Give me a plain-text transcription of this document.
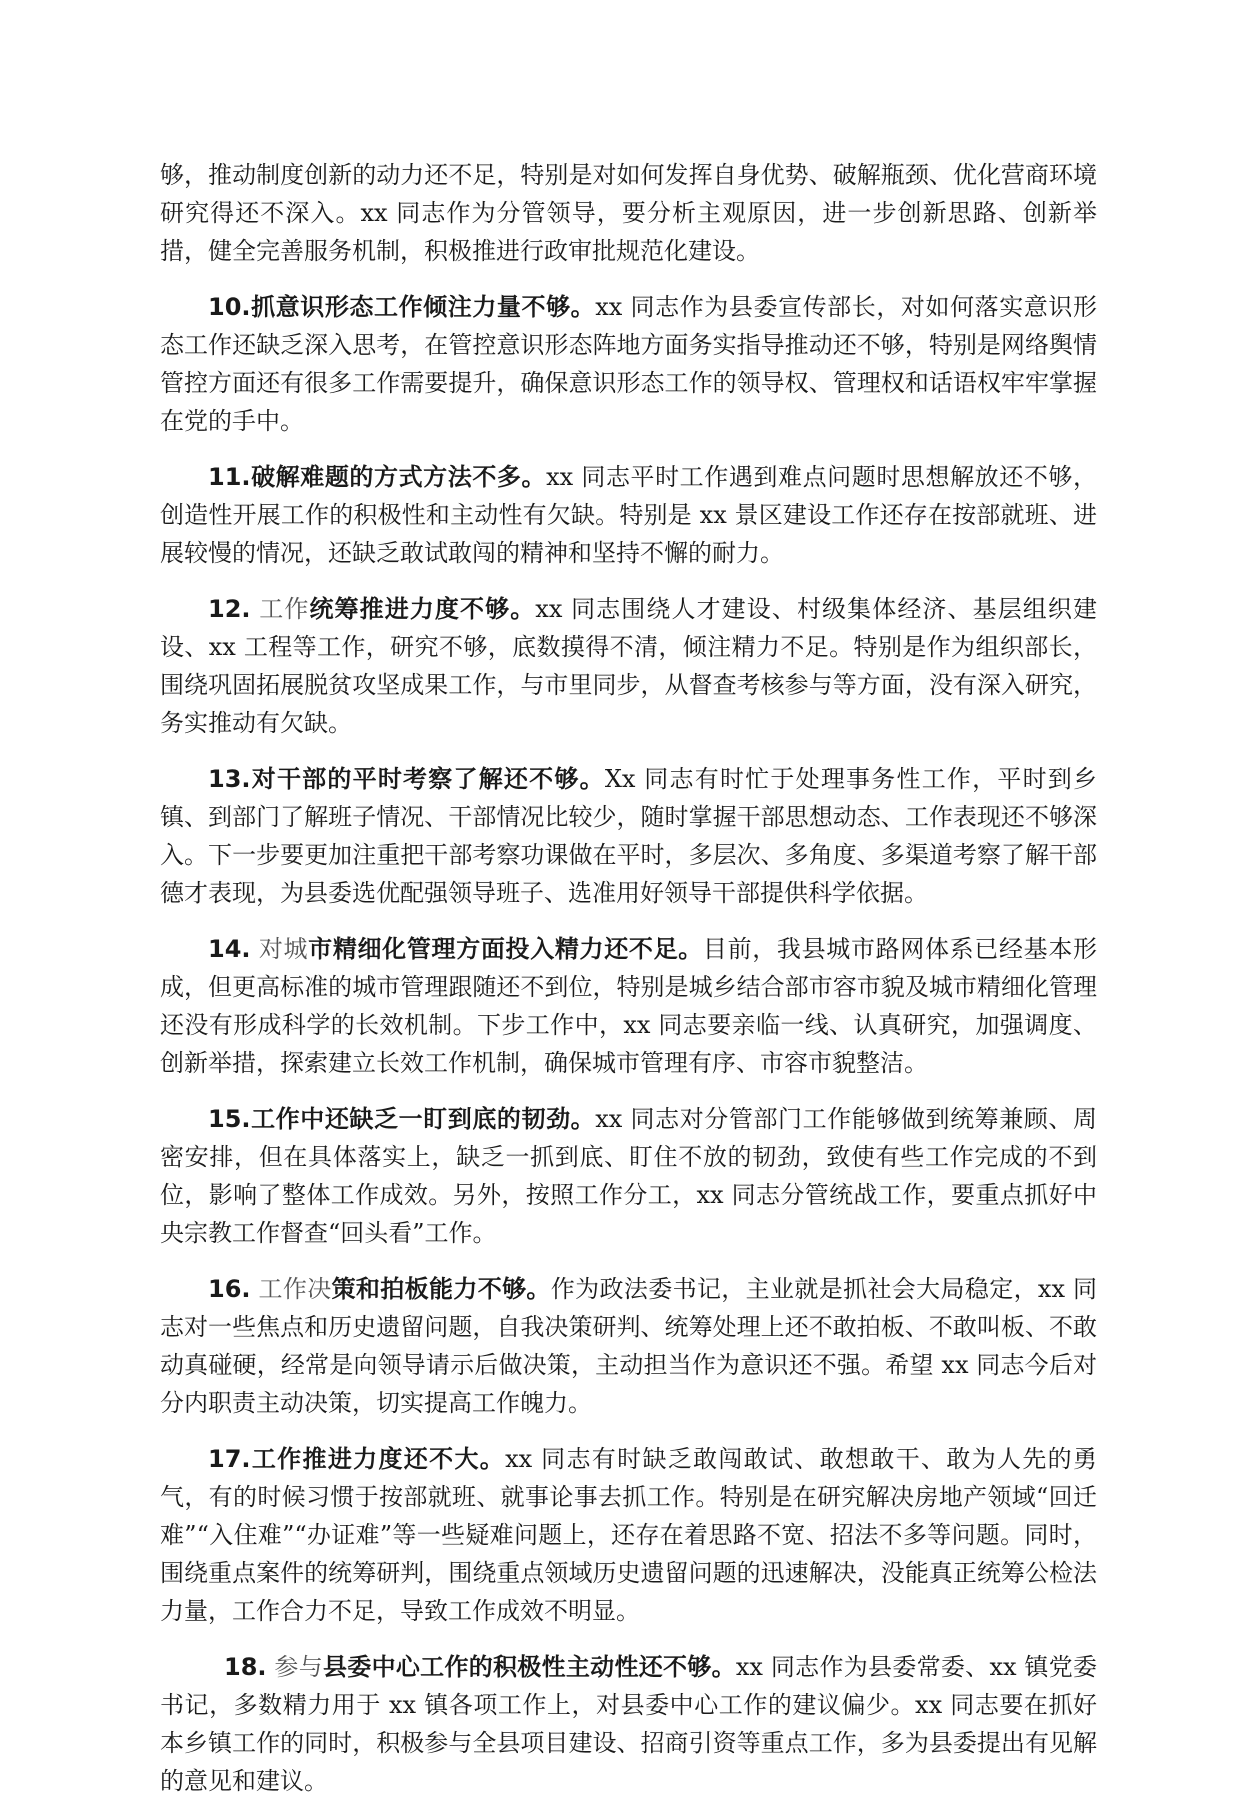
够，推动制度创新的动力还不足，特别是对如何发挥自身优势、破解瓶颈、优化营商环境研究得还不深入。xx 同志作为分管领导，要分析主观原因，进一步创新思路、创新举措，健全完善服务机制，积极推进行政审批规范化建设。

10.抓意识形态工作倾注力量不够。xx 同志作为县委宣传部长，对如何落实意识形态工作还缺乏深入思考，在管控意识形态阵地方面务实指导推动还不够，特别是网络舆情管控方面还有很多工作需要提升，确保意识形态工作的领导权、管理权和话语权牢牢掌握在党的手中。

11.破解难题的方式方法不多。xx 同志平时工作遇到难点问题时思想解放还不够，创造性开展工作的积极性和主动性有欠缺。特别是 xx 景区建设工作还存在按部就班、进展较慢的情况，还缺乏敢试敢闯的精神和坚持不懈的耐力。

12. 工作统筹推进力度不够。xx 同志围绕人才建设、村级集体经济、基层组织建设、xx 工程等工作，研究不够，底数摸得不清，倾注精力不足。特别是作为组织部长，围绕巩固拓展脱贫攻坚成果工作，与市里同步，从督查考核参与等方面，没有深入研究，务实推动有欠缺。

13.对干部的平时考察了解还不够。Xx 同志有时忙于处理事务性工作，平时到乡镇、到部门了解班子情况、干部情况比较少，随时掌握干部思想动态、工作表现还不够深入。下一步要更加注重把干部考察功课做在平时，多层次、多角度、多渠道考察了解干部德才表现，为县委选优配强领导班子、选准用好领导干部提供科学依据。

14. 对城市精细化管理方面投入精力还不足。目前，我县城市路网体系已经基本形成，但更高标准的城市管理跟随还不到位，特别是城乡结合部市容市貌及城市精细化管理还没有形成科学的长效机制。下步工作中，xx 同志要亲临一线、认真研究，加强调度、创新举措，探索建立长效工作机制，确保城市管理有序、市容市貌整洁。

15.工作中还缺乏一盯到底的韧劲。xx 同志对分管部门工作能够做到统筹兼顾、周密安排，但在具体落实上，缺乏一抓到底、盯住不放的韧劲，致使有些工作完成的不到位，影响了整体工作成效。另外，按照工作分工，xx 同志分管统战工作，要重点抓好中央宗教工作督查“回头看”工作。

16. 工作决策和拍板能力不够。作为政法委书记，主业就是抓社会大局稳定，xx 同志对一些焦点和历史遗留问题，自我决策研判、统筹处理上还不敢拍板、不敢叫板、不敢动真碰硬，经常是向领导请示后做决策，主动担当作为意识还不强。希望 xx 同志今后对分内职责主动决策，切实提高工作魄力。

17.工作推进力度还不大。xx 同志有时缺乏敢闯敢试、敢想敢干、敢为人先的勇气，有的时候习惯于按部就班、就事论事去抓工作。特别是在研究解决房地产领域“回迁难”“入住难”“办证难”等一些疑难问题上，还存在着思路不宽、招法不多等问题。同时，围绕重点案件的统筹研判，围绕重点领域历史遗留问题的迅速解决，没能真正统筹公检法力量，工作合力不足，导致工作成效不明显。

18. 参与县委中心工作的积极性主动性还不够。xx 同志作为县委常委、xx 镇党委书记，多数精力用于 xx 镇各项工作上，对县委中心工作的建议偏少。xx 同志要在抓好本乡镇工作的同时，积极参与全县项目建设、招商引资等重点工作，多为县委提出有见解的意见和建议。
